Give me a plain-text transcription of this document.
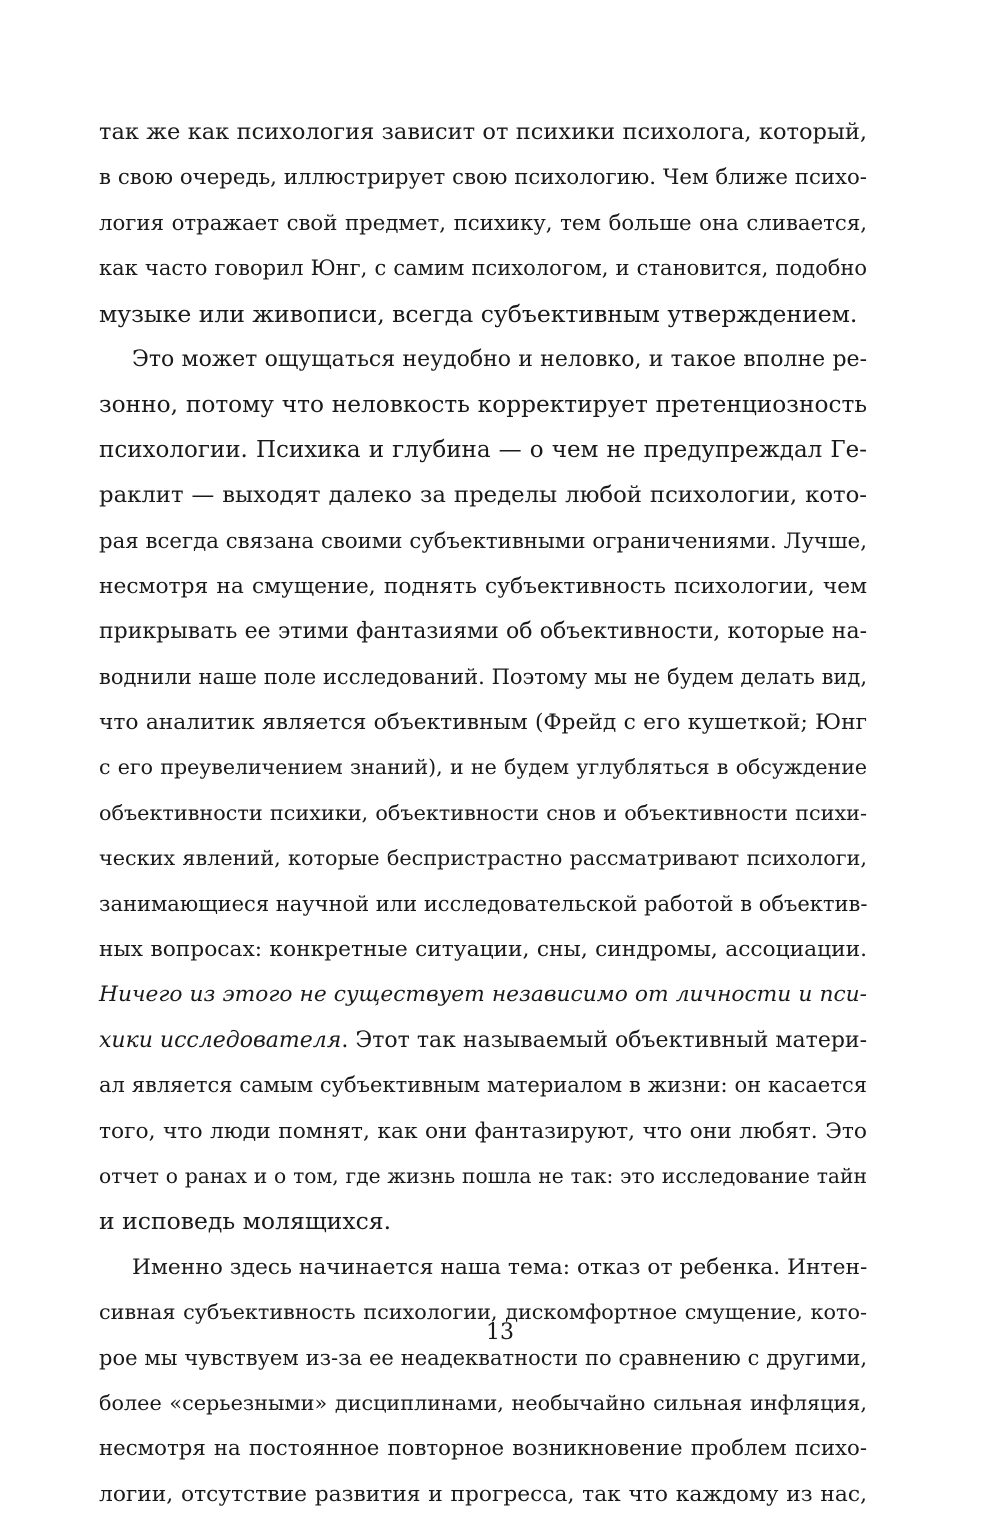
так же как психология зависит от психики психолога, который,
в свою очередь, иллюстрирует свою психологию. Чем ближе психо-
логия отражает свой предмет, психику, тем больше она сливается,
как часто говорил Юнг, с самим психологом, и становится, подобно
музыке или живописи, всегда субъективным утверждением.
Это может ощущаться неудобно и неловко, и такое вполне ре-
зонно, потому что неловкость корректирует претенциозность
психологии. Психика и глубина — о чем не предупреждал Ге-
раклит — выходят далеко за пределы любой психологии, кото-
рая всегда связана своими субъективными ограничениями. Лучше,
несмотря на смущение, поднять субъективность психологии, чем
прикрывать ее этими фантазиями об объективности, которые на-
воднили наше поле исследований. Поэтому мы не будем делать вид,
что аналитик является объективным (Фрейд с его кушеткой; Юнг
с его преувеличением знаний), и не будем углубляться в обсуждение
объективности психики, объективности снов и объективности психи-
ческих явлений, которые беспристрастно рассматривают психологи,
занимающиеся научной или исследовательской работой в объектив-
ных вопросах: конкретные ситуации, сны, синдромы, ассоциации.
Ничего из этого не существует независимо от личности и пси-
хики исследователя. Этот так называемый объективный матери-
ал является самым субъективным материалом в жизни: он касается
того, что люди помнят, как они фантазируют, что они любят. Это
отчет о ранах и о том, где жизнь пошла не так: это исследование тайн
и исповедь молящихся.
Именно здесь начинается наша тема: отказ от ребенка. Интен-
сивная субъективность психологии, дискомфортное смущение, кото-
рое мы чувствуем из-за ее неадекватности по сравнению с другими,
более «серьезными» дисциплинами, необычайно сильная инфляция,
несмотря на постоянное повторное возникновение проблем психо-
логии, отсутствие развития и прогресса, так что каждому из нас,
13
